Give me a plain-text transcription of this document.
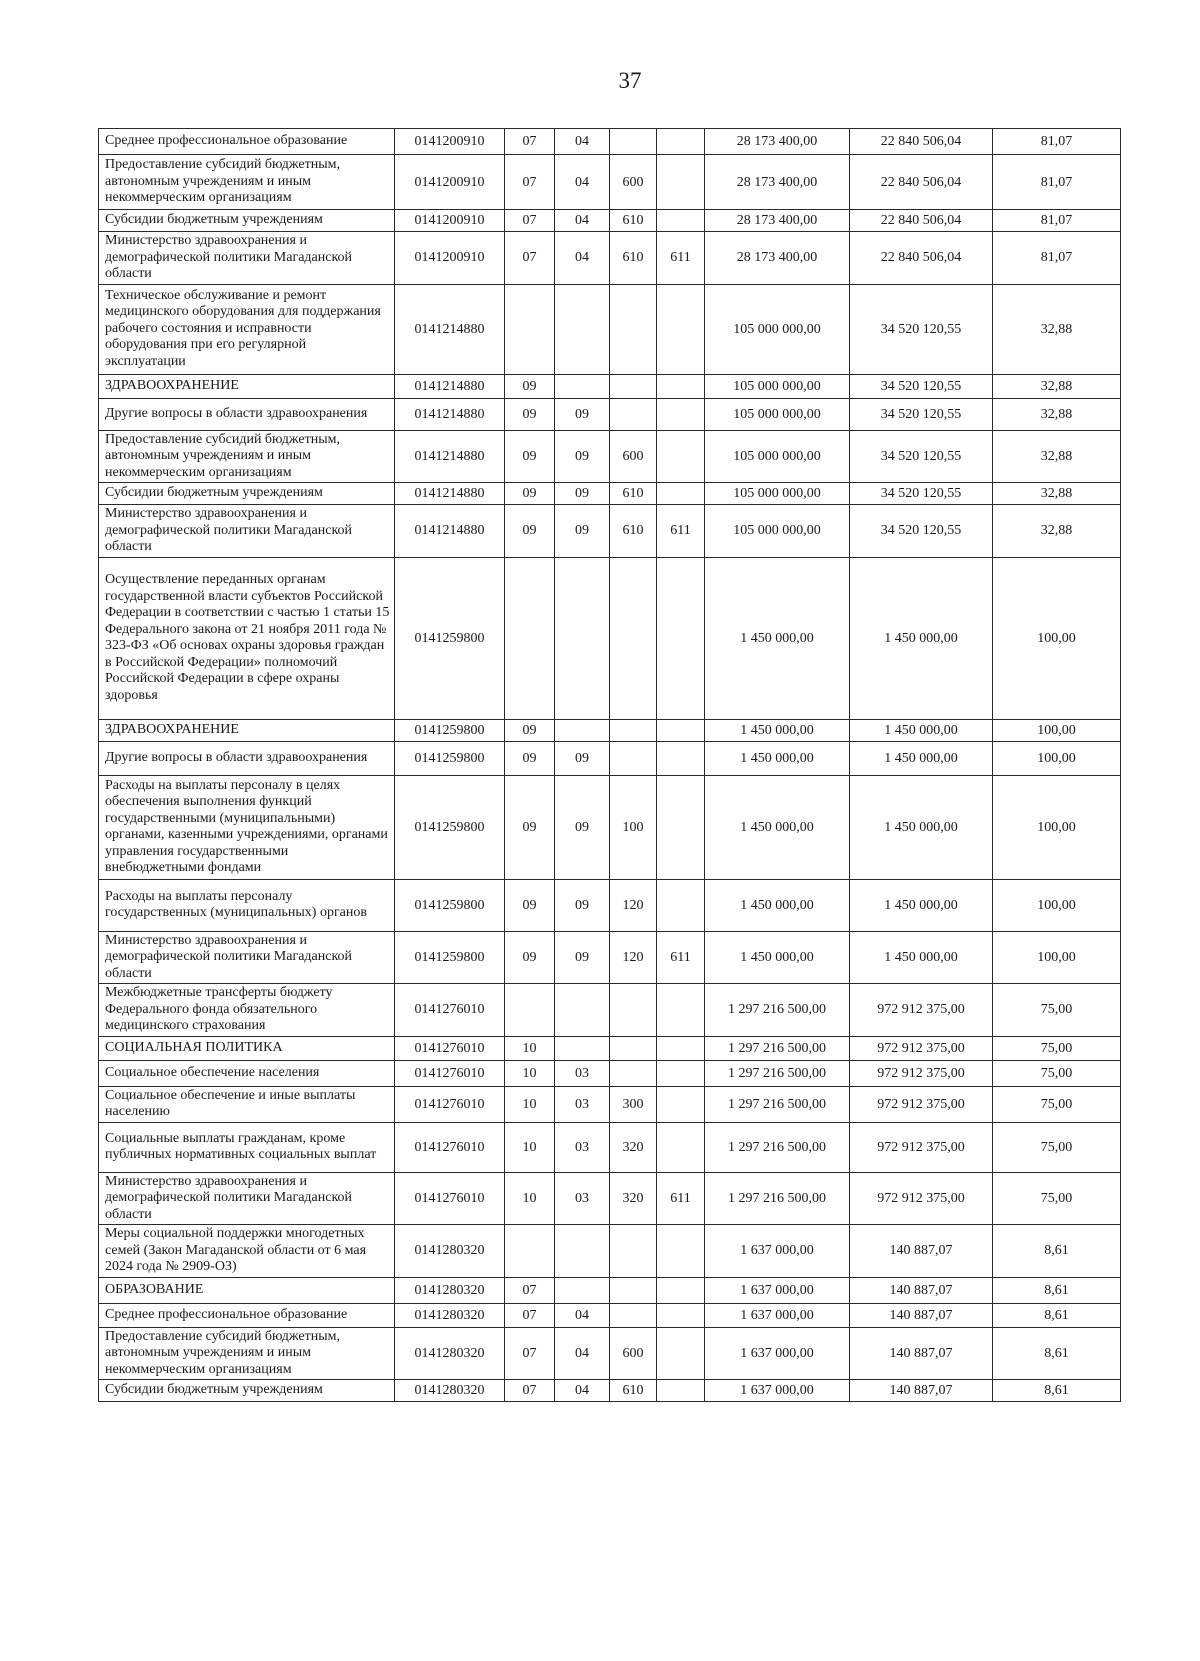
37
Среднее профессиональное образование	0141200910	07	04			28 173 400,00	22 840 506,04	81,07
Предоставление субсидий бюджетным, автономным учреждениям и иным некоммерческим организациям	0141200910	07	04	600		28 173 400,00	22 840 506,04	81,07
Субсидии бюджетным учреждениям	0141200910	07	04	610		28 173 400,00	22 840 506,04	81,07
Министерство здравоохранения и демографической политики Магаданской области	0141200910	07	04	610	611	28 173 400,00	22 840 506,04	81,07
Техническое обслуживание и ремонт медицинского оборудования для поддержания рабочего состояния и исправности оборудования при его регулярной эксплуатации	0141214880					105 000 000,00	34 520 120,55	32,88
ЗДРАВООХРАНЕНИЕ	0141214880	09				105 000 000,00	34 520 120,55	32,88
Другие вопросы в области здравоохранения	0141214880	09	09			105 000 000,00	34 520 120,55	32,88
Предоставление субсидий бюджетным, автономным учреждениям и иным некоммерческим организациям	0141214880	09	09	600		105 000 000,00	34 520 120,55	32,88
Субсидии бюджетным учреждениям	0141214880	09	09	610		105 000 000,00	34 520 120,55	32,88
Министерство здравоохранения и демографической политики Магаданской области	0141214880	09	09	610	611	105 000 000,00	34 520 120,55	32,88
Осуществление переданных органам государственной власти субъектов Российской Федерации в соответствии с частью 1 статьи 15 Федерального закона от 21 ноября 2011 года № 323-ФЗ «Об основах охраны здоровья граждан в Российской Федерации» полномочий Российской Федерации в сфере охраны здоровья	0141259800					1 450 000,00	1 450 000,00	100,00
ЗДРАВООХРАНЕНИЕ	0141259800	09				1 450 000,00	1 450 000,00	100,00
Другие вопросы в области здравоохранения	0141259800	09	09			1 450 000,00	1 450 000,00	100,00
Расходы на выплаты персоналу в целях обеспечения выполнения функций государственными (муниципальными) органами, казенными учреждениями, органами управления государственными внебюджетными фондами	0141259800	09	09	100		1 450 000,00	1 450 000,00	100,00
Расходы на выплаты персоналу государственных (муниципальных) органов	0141259800	09	09	120		1 450 000,00	1 450 000,00	100,00
Министерство здравоохранения и демографической политики Магаданской области	0141259800	09	09	120	611	1 450 000,00	1 450 000,00	100,00
Межбюджетные трансферты бюджету Федерального фонда обязательного медицинского страхования	0141276010					1 297 216 500,00	972 912 375,00	75,00
СОЦИАЛЬНАЯ ПОЛИТИКА	0141276010	10				1 297 216 500,00	972 912 375,00	75,00
Социальное обеспечение населения	0141276010	10	03			1 297 216 500,00	972 912 375,00	75,00
Социальное обеспечение и иные выплаты населению	0141276010	10	03	300		1 297 216 500,00	972 912 375,00	75,00
Социальные выплаты гражданам, кроме публичных нормативных социальных выплат	0141276010	10	03	320		1 297 216 500,00	972 912 375,00	75,00
Министерство здравоохранения и демографической политики Магаданской области	0141276010	10	03	320	611	1 297 216 500,00	972 912 375,00	75,00
Меры социальной поддержки многодетных семей (Закон Магаданской области от 6 мая 2024 года № 2909-ОЗ)	0141280320					1 637 000,00	140 887,07	8,61
ОБРАЗОВАНИЕ	0141280320	07				1 637 000,00	140 887,07	8,61
Среднее профессиональное образование	0141280320	07	04			1 637 000,00	140 887,07	8,61
Предоставление субсидий бюджетным, автономным учреждениям и иным некоммерческим организациям	0141280320	07	04	600		1 637 000,00	140 887,07	8,61
Субсидии бюджетным учреждениям	0141280320	07	04	610		1 637 000,00	140 887,07	8,61
